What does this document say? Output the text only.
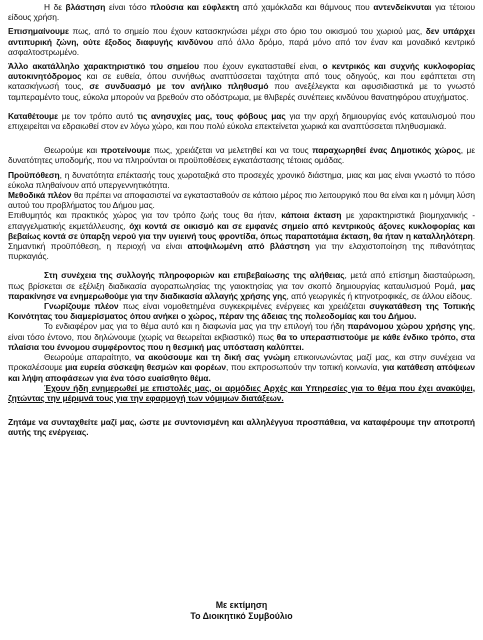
Η δε βλάστηση είναι τόσο πλούσια και εύφλεκτη από χαμόκλαδα και θάμνους που αντενδείκνυται για τέτοιου είδους χρήση.

Επισημαίνουμε πως, από το σημείο που έχουν κατασκηνώσει μέχρι στο όριο του οικισμού του χωριού μας, δεν υπάρχει αντιπυρική ζώνη, ούτε έξοδος διαφυγής κινδύνου από άλλο δρόμο, παρά μόνο από τον έναν και μοναδικό κεντρικό ασφαλτοστρωμένο.

Άλλο ακατάλληλο χαρακτηριστικό του σημείου που έχουν εγκατασταθεί είναι, ο κεντρικός και συχνής κυκλοφορίας αυτοκινητόδρομος και σε ευθεία, όπου συνήθως αναπτύσσεται ταχύτητα από τους οδηγούς, και που εφάπτεται στη κατασκήνωσή τους, σε συνδυασμό με τον ανήλικο πληθυσμό που ανεξέλεγκτα και αφυσιδιαστικά με το γνωστό ταμπεραμέντο τους, εύκολα μπορούν να βρεθούν στο οδόστρωμα, με θλιβερές συνέπειες κινδύνου θανατηφόρου ατυχήματος.

Καταθέτουμε με τον τρόπο αυτό τις ανησυχίες μας, τους φόβους μας για την αρχή δημιουργίας ενός καταυλισμού που επιχειρείται να εδραιωθεί στον εν λόγω χώρο, και που πολύ εύκολα επεκτείνεται χωρικά και αναπτύσσεται πληθυσμιακά.

Θεωρούμε και προτείνουμε πως, χρειάζεται να μελετηθεί και να τους παραχωρηθεί ένας Δημοτικός χώρος, με δυνατότητες υποδομής, που να πληρούνται οι προϋποθέσεις εγκατάστασης τέτοιας ομάδας.

Προϋπόθεση, η δυνατότητα επέκτασής τους χωροταξικά στο προσεχές χρονικό διάστημα, μιας και μας είναι γνωστό το πόσο εύκολα πληθαίνουν από υπεργεννητικότητα.

Μεθοδικά πλέον θα πρέπει να αποφασιστεί να εγκατασταθούν σε κάποιο μέρος πιο λειτουργικό που θα είναι και η μόνιμη λύση αυτού του προβλήματος του Δήμου μας.

Επιθυμητός και πρακτικός χώρος για τον τρόπο ζωής τους θα ήταν, κάποια έκταση με χαρακτηριστικά βιομηχανικής - επαγγελματικής εκμετάλλευσης, όχι κοντά σε οικισμό και σε εμφανές σημείο από κεντρικούς άξονες κυκλοφορίας και βεβαίως κοντά σε ύπαρξη νερού για την υγιεινή τους φροντίδα, όπως παραποτάμια έκταση, θα ήταν η καταλληλότερη. Σημαντική προϋπόθεση, η περιοχή να είναι αποψιλωμένη από βλάστηση για την ελαχιστοποίηση της πιθανότητας πυρκαγιάς.

Στη συνέχεια της συλλογής πληροφοριών και επιβεβαίωσης της αλήθειας, μετά από επίσημη διασταύρωση, πως βρίσκεται σε εξέλιξη διαδικασία αγοραπωλησίας της γαιοκτησίας για τον σκοπό δημιουργίας καταυλισμού Ρομά, μας παρακίνησε να ενημερωθούμε για την διαδικασία αλλαγής χρήσης γης, από γεωργικές ή κτηνοτροφικές, σε άλλου είδους.

Γνωρίζουμε πλέον πως είναι νομοθετημένα συγκεκριμένες ενέργειες και χρειάζεται συγκατάθεση της Τοπικής Κοινότητας του διαμερίσματος όπου ανήκει ο χώρος, πέραν της άδειας της πολεοδομίας και του Δήμου.

Το ενδιαφέρον μας για το θέμα αυτό και η διαφωνία μας για την επιλογή του ήδη παράνομου χώρου χρήσης γης, είναι τόσο έντονο, που δηλώνουμε (χωρίς να θεωρείται εκβιαστικό) πως θα το υπερασπιστούμε με κάθε ένδικο τρόπο, στα πλαίσια του έννομου συμφέροντος που η θεσμική μας υπόσταση καλύπτει.

Θεωρούμε απαραίτητο, να ακούσουμε και τη δική σας γνώμη επικοινωνώντας μαζί μας, και στην συνέχεια να προκαλέσουμε μια ευρεία σύσκεψη θεσμών και φορέων, που εκπροσωπούν την τοπική κοινωνία, για κατάθεση απόψεων και λήψη αποφάσεων για ένα τόσο ευαίσθητο θέμα.

Έχουν ήδη ενημερωθεί με επιστολές μας, οι αρμόδιες Αρχές και Υπηρεσίες για το θέμα που έχει ανακύψει, ζητώντας την μέριμνά τους για την εφαρμογή των νόμιμων διατάξεων.

Ζητάμε να συνταχθείτε μαζί μας, ώστε με συντονισμένη και αλληλέγγυα προσπάθεια, να καταφέρουμε την αποτροπή αυτής της ενέργειας.

Με εκτίμηση
Το Διοικητικό Συμβούλιο
